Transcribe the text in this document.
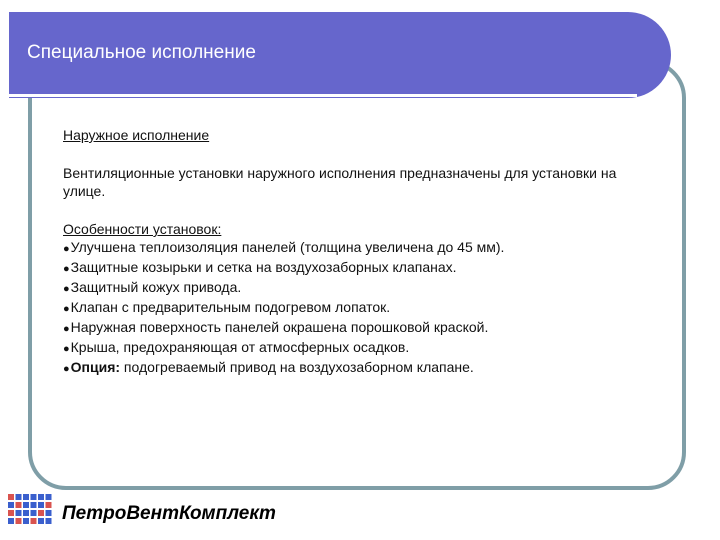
Специальное исполнение

Наружное исполнение

Вентиляционные установки наружного исполнения предназначены для установки на улице.

Особенности установок:

●Улучшена теплоизоляция панелей (толщина увеличена до 45 мм).
●Защитные козырьки и сетка на воздухозаборных клапанах.
●Защитный кожух привода.
●Клапан с предварительным подогревом лопаток.
●Наружная поверхность панелей окрашена порошковой краской.
●Крыша, предохраняющая от атмосферных осадков.
●Опция: подогреваемый привод на воздухозаборном клапане.
ПетроВентКомплект
